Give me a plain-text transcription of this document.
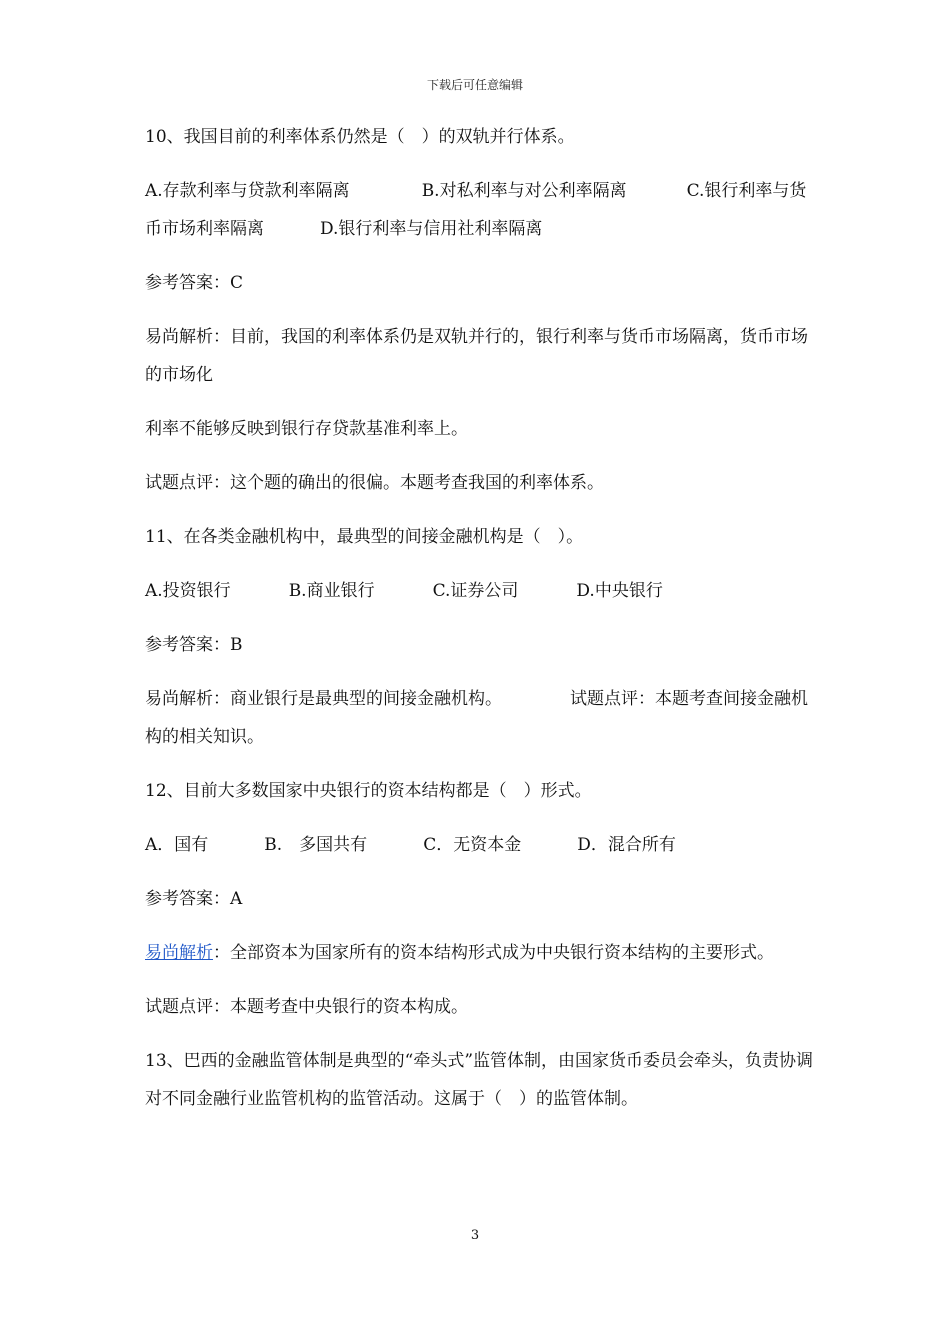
下载后可任意编辑

10、我国目前的利率体系仍然是（　）的双轨并行体系。

A.存款利率与贷款利率隔离	B.对私利率与对公利率隔离	C.银行利率与货币市场利率隔离	D.银行利率与信用社利率隔离

参考答案：C

易尚解析：目前，我国的利率体系仍是双轨并行的，银行利率与货币市场隔离，货币市场的市场化

利率不能够反映到银行存贷款基准利率上。

试题点评：这个题的确出的很偏。本题考查我国的利率体系。

11、在各类金融机构中，最典型的间接金融机构是（　）。

A.投资银行	B.商业银行	C.证券公司	D.中央银行

参考答案：B

易尚解析：商业银行是最典型的间接金融机构。	试题点评：本题考查间接金融机构的相关知识。

12、目前大多数国家中央银行的资本结构都是（　）形式。

A．国有	B.　多国共有	C．无资本金	D．混合所有

参考答案：A

易尚解析：全部资本为国家所有的资本结构形式成为中央银行资本结构的主要形式。

试题点评：本题考查中央银行的资本构成。

13、巴西的金融监管体制是典型的“牵头式”监管体制，由国家货币委员会牵头，负责协调对不同金融行业监管机构的监管活动。这属于（　）的监管体制。

3
